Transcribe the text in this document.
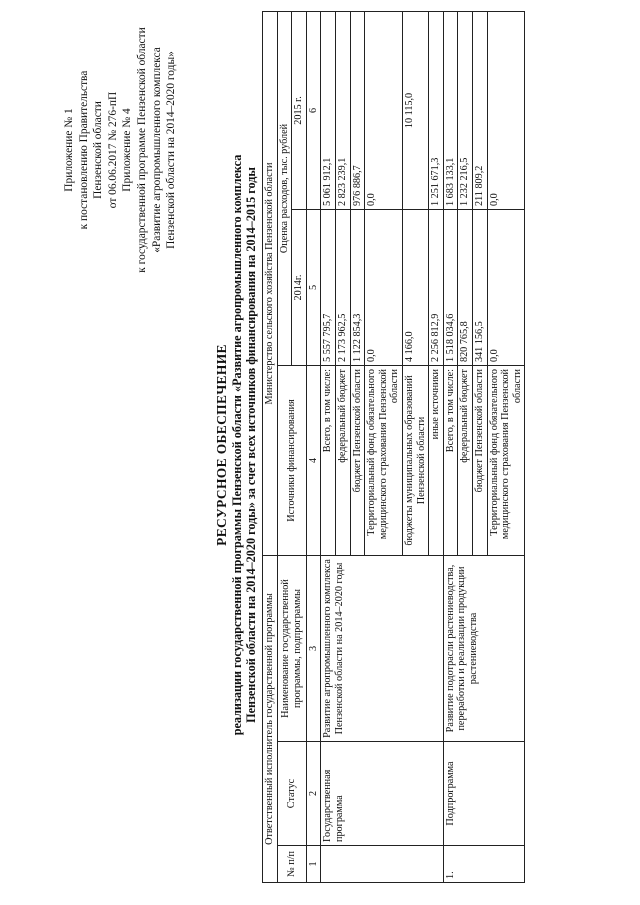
Приложение № 1 к постановлению Правительства Пензенской области от 06.06.2017 № 276-пП Приложение № 4 к государственной программе Пензенской области «Развитие агропромышленного комплекса Пензенской области на 2014–2020 годы»
РЕСУРСНОЕ ОБЕСПЕЧЕНИЕ реализации государственной программы Пензенской области «Развитие агропромышленного комплекса Пензенской области на 2014–2020 годы» за счет всех источников финансирования на 2014–2015 годы Ответственный исполнитель государственной программы			Министерство сельского хозяйства Пензенской области		
№ п/п	Статус	Наименование государственной программы, подпрограммы	Источники финансирования	Оценка расходов, тыс. рублей	
				2014г.	2015 г.
1	2	3	4	5	6
	Государственная программа	Развитие агропромышленного комплекса Пензенской области на 2014–2020 годы	Всего, в том числе:	5 557 795,7	5 061 912,1
			федеральный бюджет	2 173 962,5	2 823 239,1
			бюджет Пензенской области	1 122 854,3	976 886,7
			Территориальный фонд обязательного медицинского страхования Пензенской области	0,0	0,0
			бюджеты муниципальных образований Пензенской области	4 166,0	10 115,0
			иные источники	2 256 812,9	1 251 671,3
1.	Подпрограмма	Развитие подотрасли растениеводства, переработки и реализации продукции растениеводства	Всего, в том числе:	1 518 034,6	1 683 133,1
			федеральный бюджет	820 765,8	1 232 216,5
			бюджет Пензенской области	341 156,5	211 809,2
			Территориальный фонд обязательного медицинского страхования Пензенской области	0,0	0,0
